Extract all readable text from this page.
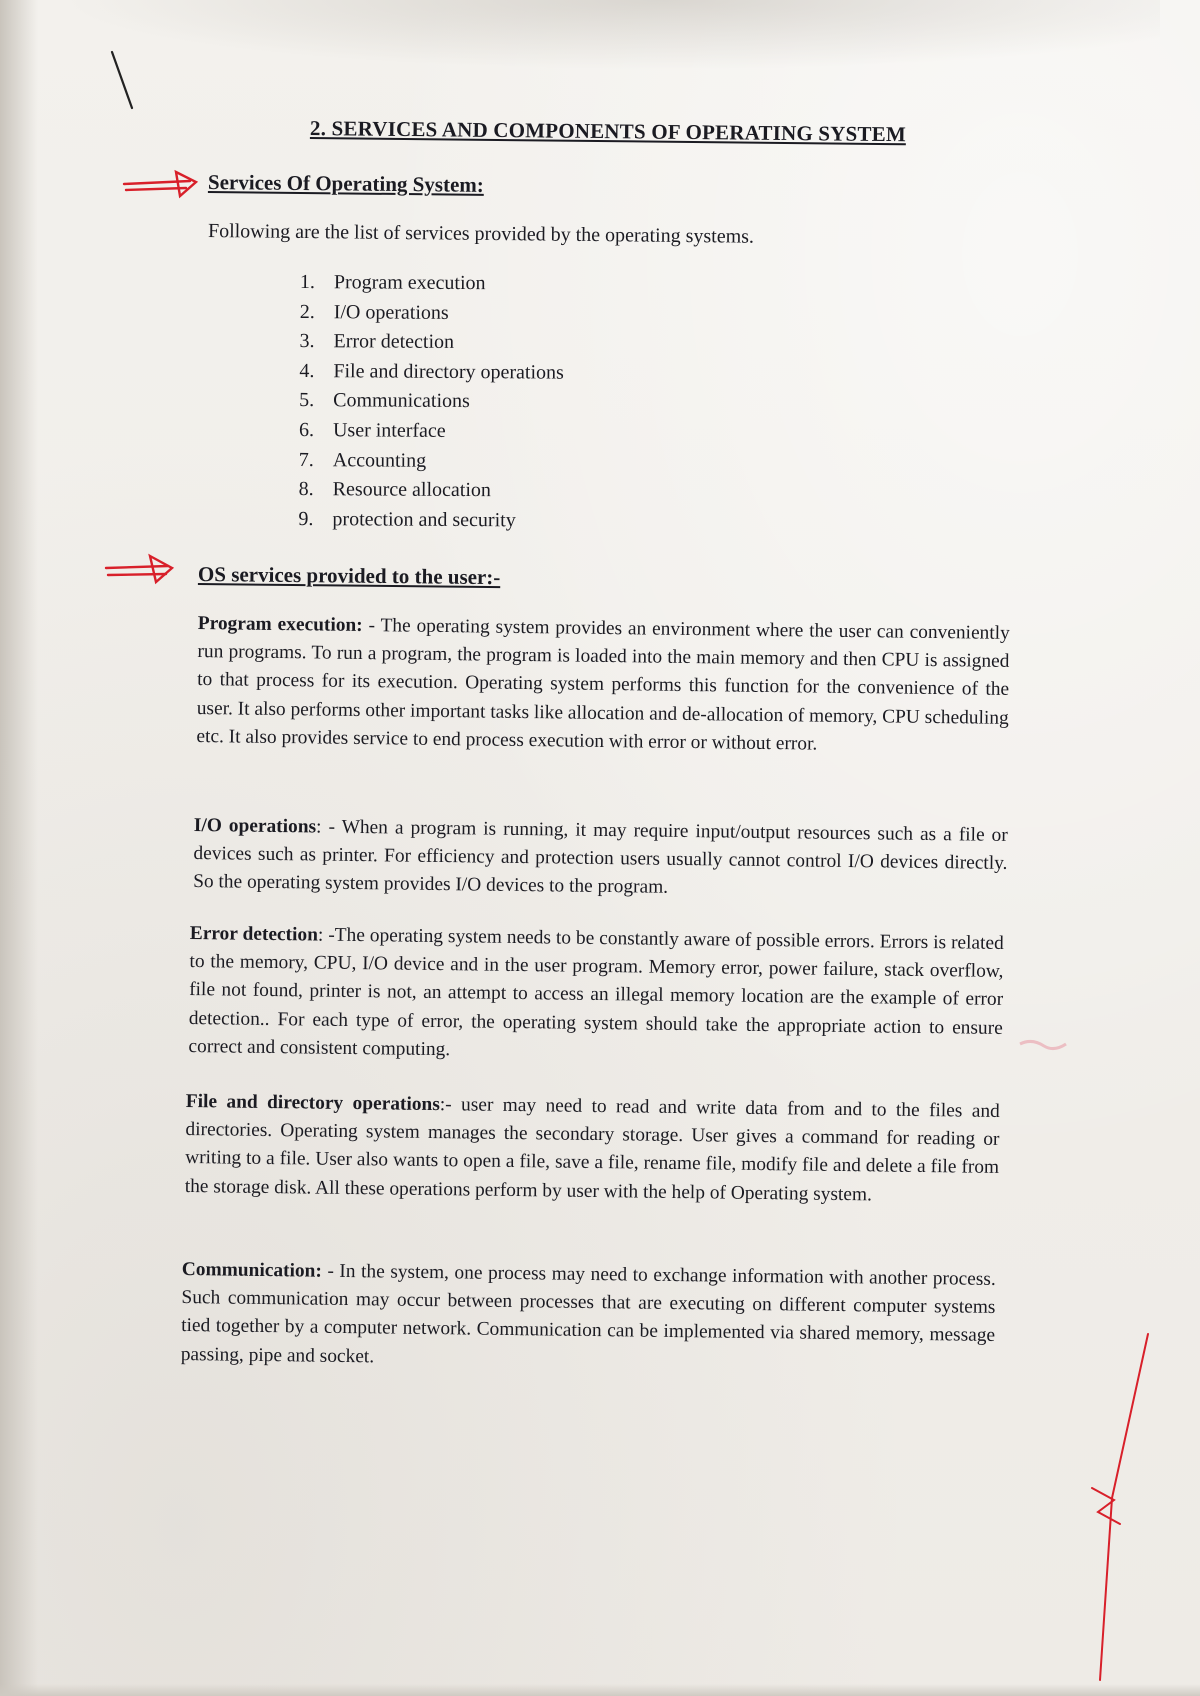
2. SERVICES AND COMPONENTS OF OPERATING SYSTEM
Services Of Operating System:
Following are the list of services provided by the operating systems.
1. Program execution
2. I/O operations
3. Error detection
4. File and directory operations
5. Communications
6. User interface
7. Accounting
8. Resource allocation
9. protection and security
OS services provided to the user:-

Program execution: - The operating system provides an environment where the user can conveniently run programs. To run a program, the program is loaded into the main memory and then CPU is assigned to that process for its execution. Operating system performs this function for the convenience of the user. It also performs other important tasks like allocation and de-allocation of memory, CPU scheduling etc. It also provides service to end process execution with error or without error.

I/O operations: - When a program is running, it may require input/output resources such as a file or devices such as printer. For efficiency and protection users usually cannot control I/O devices directly. So the operating system provides I/O devices to the program.

Error detection: -The operating system needs to be constantly aware of possible errors. Errors is related to the memory, CPU, I/O device and in the user program. Memory error, power failure, stack overflow, file not found, printer is not, an attempt to access an illegal memory location are the example of error detection.. For each type of error, the operating system should take the appropriate action to ensure correct and consistent computing.

File and directory operations:- user may need to read and write data from and to the files and directories. Operating system manages the secondary storage. User gives a command for reading or writing to a file. User also wants to open a file, save a file, rename file, modify file and delete a file from the storage disk. All these operations perform by user with the help of Operating system.

Communication: - In the system, one process may need to exchange information with another process. Such communication may occur between processes that are executing on different computer systems tied together by a computer network. Communication can be implemented via shared memory, message passing, pipe and socket.
